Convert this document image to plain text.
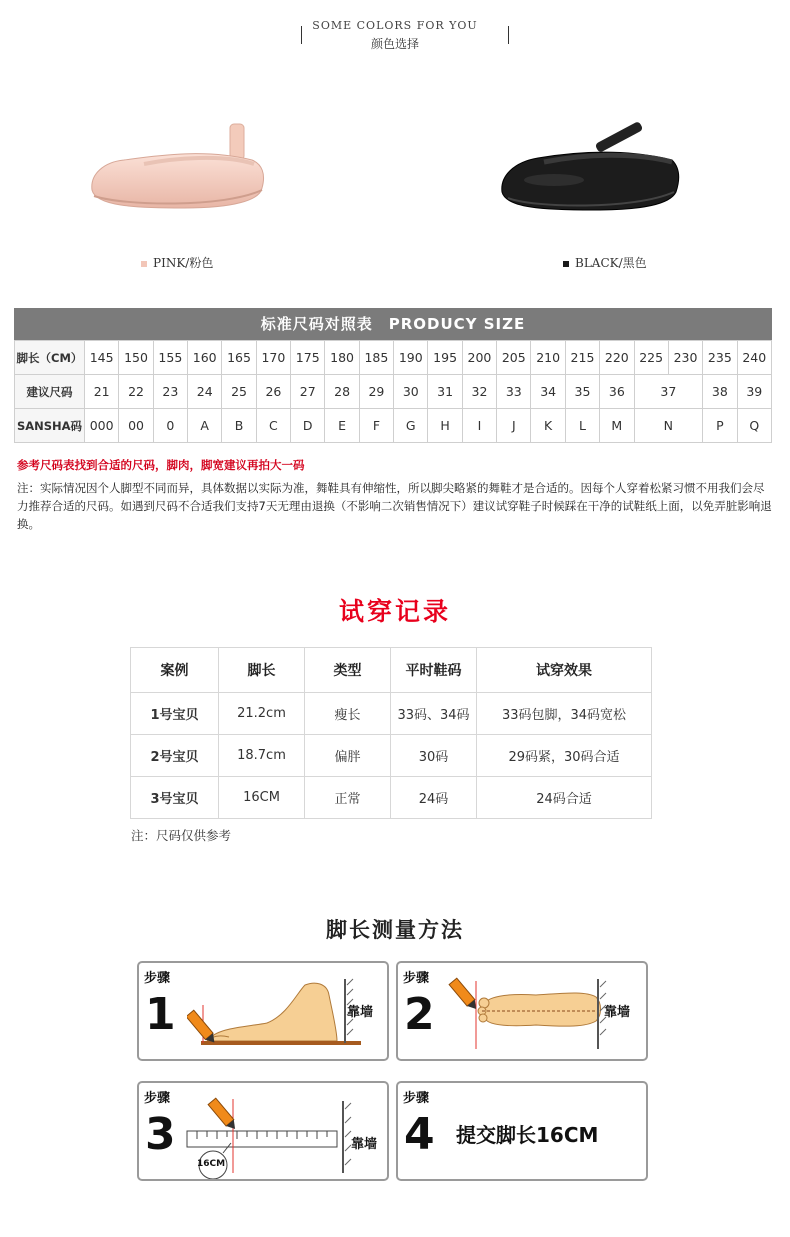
SOME COLORS FOR YOU
颜色选择
PINK/粉色	BLACK/黑色
标准尺码对照表　PRODUCY SIZE
脚长（CM）	145	150	155	160	165	170	175	180	185	190	195	200	205	210	215	220	225	230	235	240
建议尺码	21	22	23	24	25	26	27	28	29	30	31	32	33	34	35	36	37		38	39
SANSHA码	000	00	0	A	B	C	D	E	F	G	H	I	J	K	L	M	N		P	Q
参考尺码表找到合适的尺码，脚肉，脚宽建议再拍大一码
注：实际情况因个人脚型不同而异，具体数据以实际为准，舞鞋具有伸缩性，所以脚尖略紧的舞鞋才是合适的。因每个人穿着松紧习惯不用我们会尽力推荐合适的尺码。如遇到尺码不合适我们支持7天无理由退换（不影响二次销售情况下）建议试穿鞋子时候踩在干净的试鞋纸上面，以免弄脏影响退换。
试穿记录
案例	脚长	类型	平时鞋码	试穿效果
1号宝贝	21.2cm	瘦长	33码、34码	33码包脚，34码宽松
2号宝贝	18.7cm	偏胖	30码	29码紧，30码合适
3号宝贝	16CM	正常	24码	24码合适
注：尺码仅供参考
脚长测量方法
步骤
1	靠墙
步骤
2	靠墙
步骤
3
16CM
靠墙
步骤
4 提交脚长16CM
